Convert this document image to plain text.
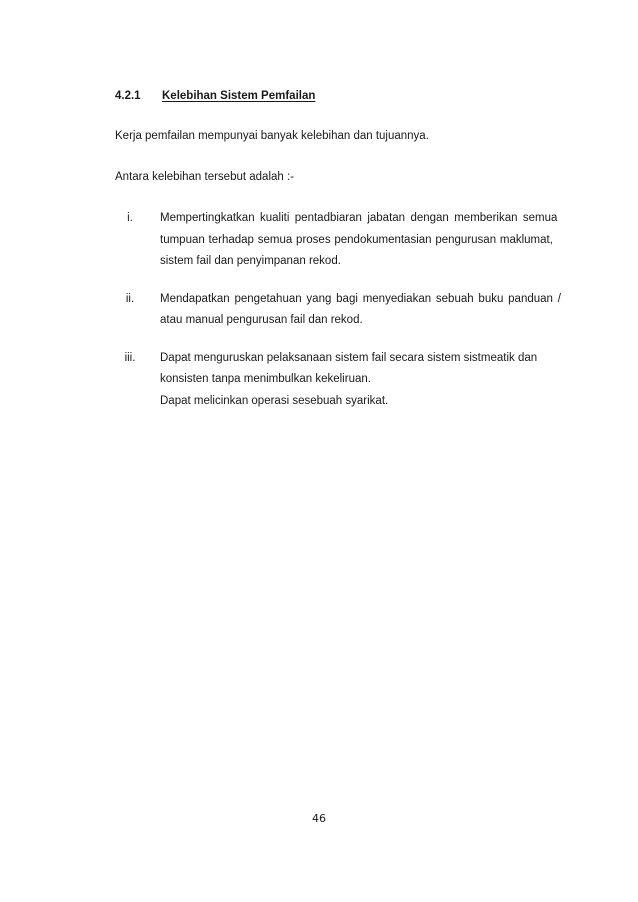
4.2.1 Kelebihan Sistem Pemfailan
Kerja pemfailan mempunyai banyak kelebihan dan tujuannya.
Antara kelebihan tersebut adalah :-
i.	Mempertingkatkan kualiti pentadbiaran jabatan dengan memberikan semua
tumpuan terhadap semua proses pendokumentasian pengurusan maklumat,
sistem fail dan penyimpanan rekod.
ii.	Mendapatkan pengetahuan yang bagi menyediakan sebuah buku panduan /
atau manual pengurusan fail dan rekod.
iii.	Dapat menguruskan pelaksanaan sistem fail secara sistem sistmeatik dan
konsisten tanpa menimbulkan kekeliruan.
Dapat melicinkan operasi sesebuah syarikat.
46
